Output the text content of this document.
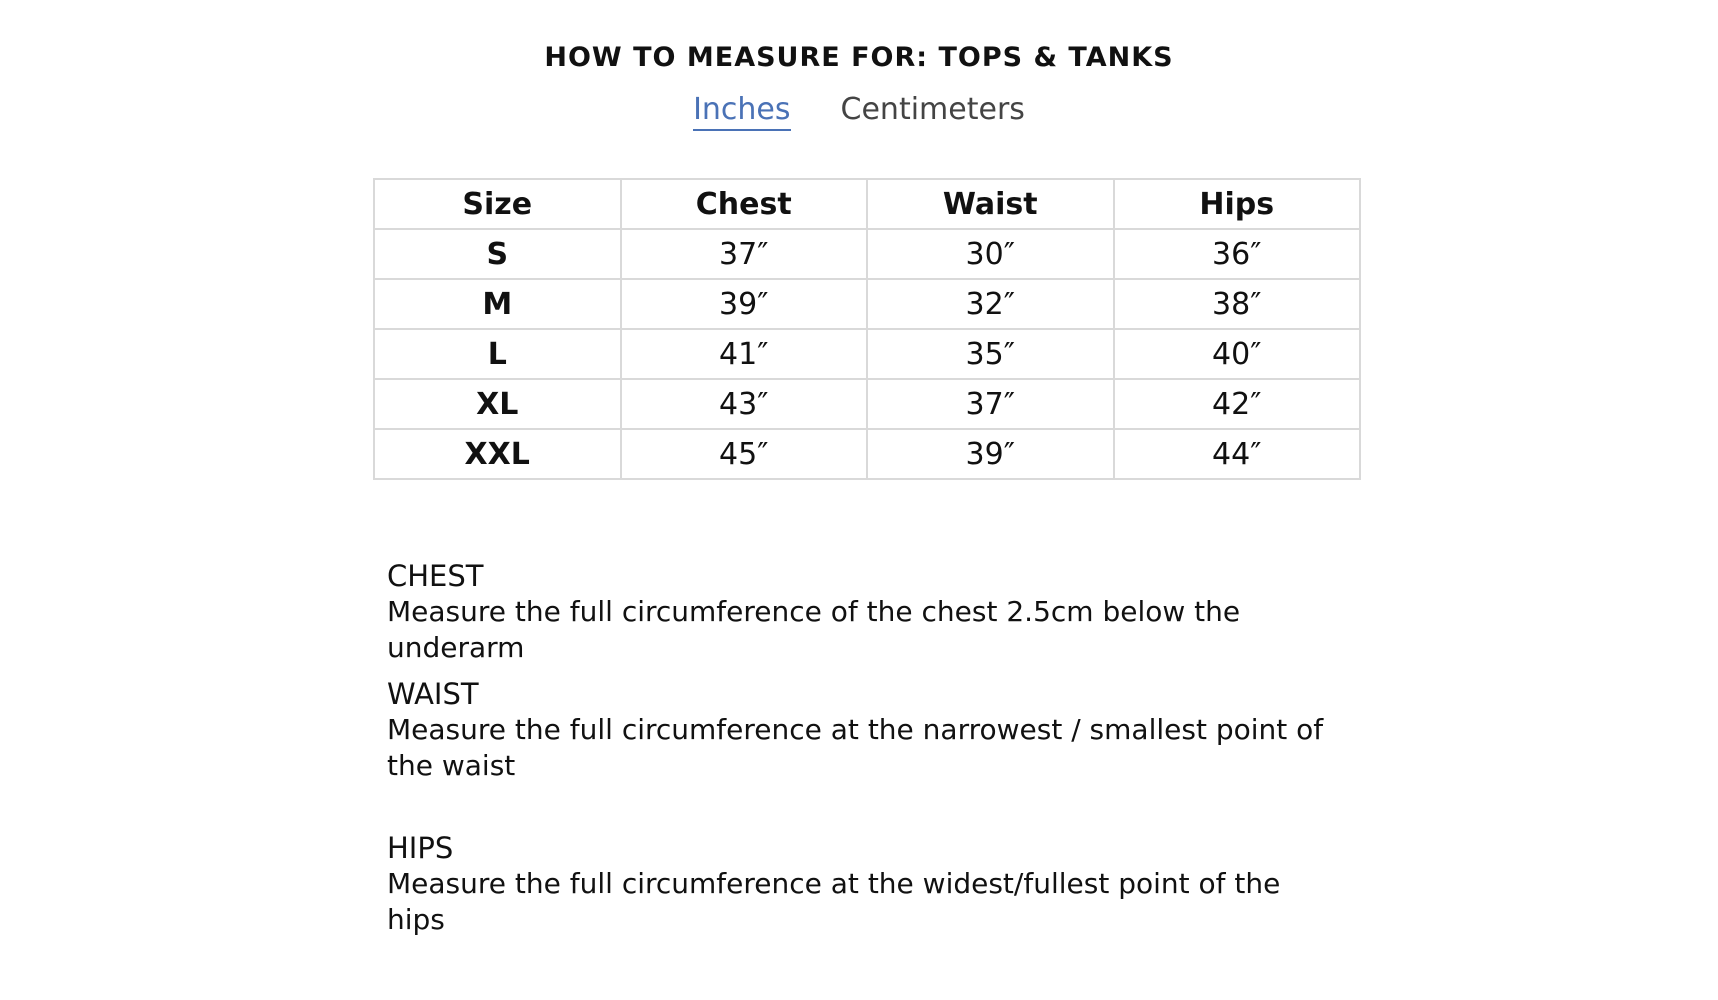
HOW TO MEASURE FOR: TOPS & TANKS
Inches Centimeters
Size	Chest	Waist	Hips
S	37″	30″	36″
M	39″	32″	38″
L	41″	35″	40″
XL	43″	37″	42″
XXL	45″	39″	44″
CHEST
Measure the full circumference of the chest 2.5cm below the underarm
WAIST
Measure the full circumference at the narrowest / smallest point of the waist
HIPS
Measure the full circumference at the widest/fullest point of the hips
